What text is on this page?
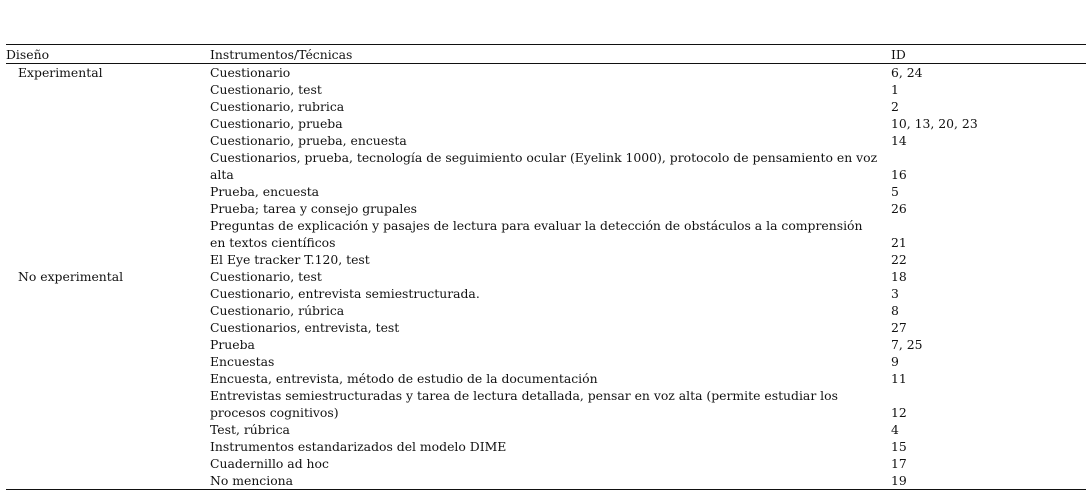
Diseño	Instrumentos/Técnicas	ID
Experimental	Cuestionario	6, 24
	Cuestionario, test	1
	Cuestionario, rubrica	2
	Cuestionario, prueba	10, 13, 20, 23
	Cuestionario, prueba, encuesta	14
	Cuestionarios, prueba, tecnología de seguimiento ocular (Eyelink 1000), protocolo de pensamiento en voz alta	16
	Prueba, encuesta	5
	Prueba; tarea y consejo grupales	26
	Preguntas de explicación y pasajes de lectura para evaluar la detección de obstáculos a la comprensión en textos científicos	21
	El Eye tracker T.120, test	22
No experimental	Cuestionario, test	18
	Cuestionario, entrevista semiestructurada.	3
	Cuestionario, rúbrica	8
	Cuestionarios, entrevista, test	27
	Prueba	7, 25
	Encuestas	9
	Encuesta, entrevista, método de estudio de la documentación	11
	Entrevistas semiestructuradas y tarea de lectura detallada, pensar en voz alta (permite estudiar los procesos cognitivos)	12
	Test, rúbrica	4
	Instrumentos estandarizados del modelo DIME	15
	Cuadernillo ad hoc	17
	No menciona	19
